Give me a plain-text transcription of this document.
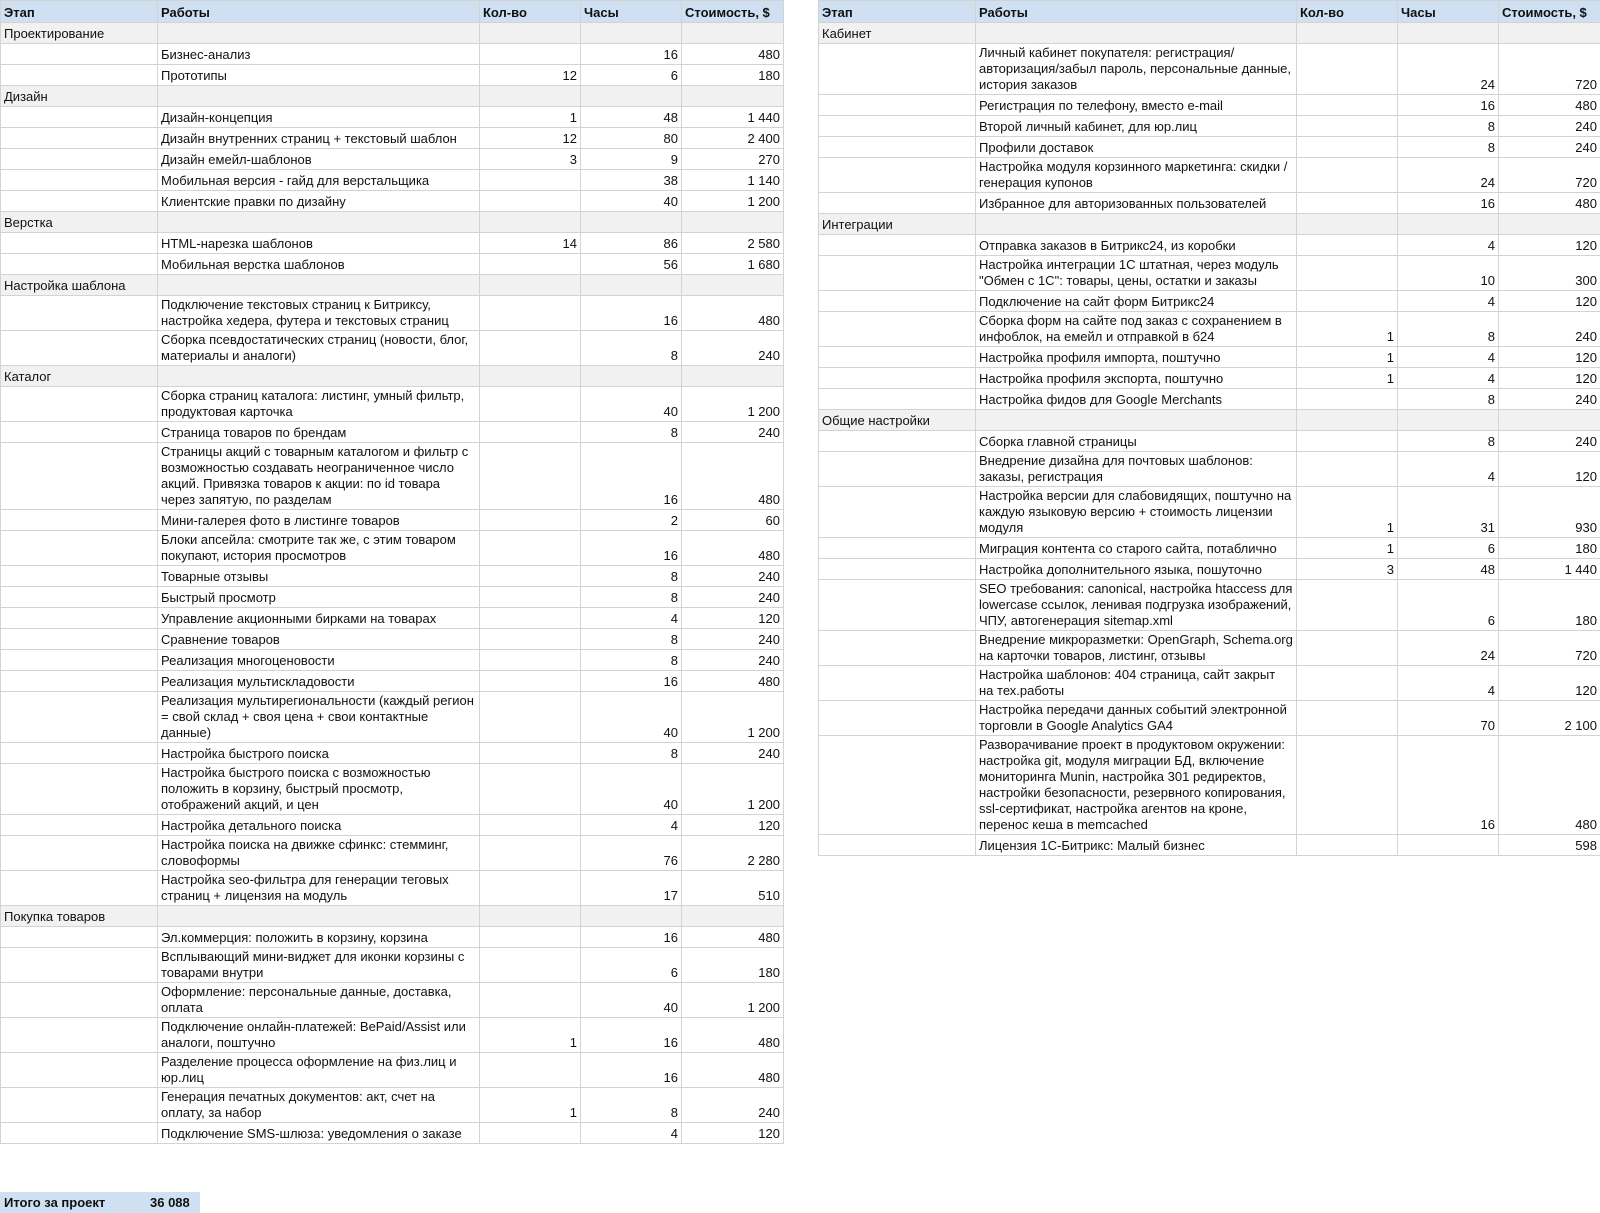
Этап	Работы	Кол-во	Часы	Стоимость, $
Проектирование				
	Бизнес-анализ		16	480
	Прототипы	12	6	180
Дизайн				
	Дизайн-концепция	1	48	1 440
	Дизайн внутренних страниц + текстовый шаблон	12	80	2 400
	Дизайн емейл-шаблонов	3	9	270
	Мобильная версия - гайд для верстальщика		38	1 140
	Клиентские правки по дизайну		40	1 200
Верстка				
	HTML-нарезка шаблонов	14	86	2 580
	Мобильная верстка шаблонов		56	1 680
Настройка шаблона				
	Подключение текстовых страниц к Битриксу, настройка хедера, футера и текстовых страниц		16	480
	Сборка псевдостатических страниц (новости, блог, материалы и аналоги)		8	240
Каталог				
	Сборка страниц каталога: листинг, умный фильтр, продуктовая карточка		40	1 200
	Страница товаров по брендам		8	240
	Страницы акций с товарным каталогом и фильтр с возможностью создавать неограниченное число акций. Привязка товаров к акции: по id товара через запятую, по разделам		16	480
	Мини-галерея фото в листинге товаров		2	60
	Блоки апсейла: смотрите так же, с этим товаром покупают, история просмотров		16	480
	Товарные отзывы		8	240
	Быстрый просмотр		8	240
	Управление акционными бирками на товарах		4	120
	Сравнение товаров		8	240
	Реализация многоценовости		8	240
	Реализация мультискладовости		16	480
	Реализация мультирегиональности (каждый регион = свой склад + своя цена + свои контактные данные)		40	1 200
	Настройка быстрого поиска		8	240
	Настройка быстрого поиска с возможностью положить в корзину, быстрый просмотр, отображений акций, и цен		40	1 200
	Настройка детального поиска		4	120
	Настройка поиска на движке сфинкс: стемминг, словоформы		76	2 280
	Настройка seo-фильтра для генерации теговых страниц + лицензия на модуль		17	510
Покупка товаров				
	Эл.коммерция: положить в корзину, корзина		16	480
	Всплывающий мини-виджет для иконки корзины с товарами внутри		6	180
	Оформление: персональные данные, доставка, оплата		40	1 200
	Подключение онлайн-платежей: BePaid/Assist или аналоги, поштучно	1	16	480
	Разделение процесса оформление на физ.лиц и юр.лиц		16	480
	Генерация печатных документов: акт, счет на оплату, за набор	1	8	240
	Подключение SMS-шлюза: уведомления о заказе		4	120
Этап	Работы	Кол-во	Часы	Стоимость, $
Кабинет				
	Личный кабинет покупателя: регистрация/авторизация/забыл пароль, персональные данные, история заказов		24	720
	Регистрация по телефону, вместо e-mail		16	480
	Второй личный кабинет, для юр.лиц		8	240
	Профили доставок		8	240
	Настройка модуля корзинного маркетинга: скидки / генерация купонов		24	720
	Избранное для авторизованных пользователей		16	480
Интеграции				
	Отправка заказов в Битрикс24, из коробки		4	120
	Настройка интеграции 1С штатная, через модуль "Обмен с 1С": товары, цены, остатки и заказы		10	300
	Подключение на сайт форм Битрикс24		4	120
	Сборка форм на сайте под заказ с сохранением в инфоблок, на емейл и отправкой в б24	1	8	240
	Настройка профиля импорта, поштучно	1	4	120
	Настройка профиля экспорта, поштучно	1	4	120
	Настройка фидов для Google Merchants		8	240
Общие настройки				
	Сборка главной страницы		8	240
	Внедрение дизайна для почтовых шаблонов: заказы, регистрация		4	120
	Настройка версии для слабовидящих, поштучно на каждую языковую версию + стоимость лицензии модуля	1	31	930
	Миграция контента со старого сайта, потаблично	1	6	180
	Настройка дополнительного языка, пошуточно	3	48	1 440
	SEO требования: canonical, настройка htaccess для lowercase ссылок, ленивая подгрузка изображений, ЧПУ, автогенерация sitemap.xml		6	180
	Внедрение микроразметки: OpenGraph, Schema.org на карточки товаров, листинг, отзывы		24	720
	Настройка шаблонов: 404 страница, сайт закрыт на тех.работы		4	120
	Настройка передачи данных событий электронной торговли в Google Analytics GA4		70	2 100
	Разворачивание проект в продуктовом окружении: настройка git, модуля миграции БД, включение мониторинга Munin, настройка 301 редиректов, настройки безопасности, резервного копирования, ssl-сертификат, настройка агентов на кроне, перенос кеша в memcached		16	480
	Лицензия 1С-Битрикс: Малый бизнес			598
Итого за проект	36 088
